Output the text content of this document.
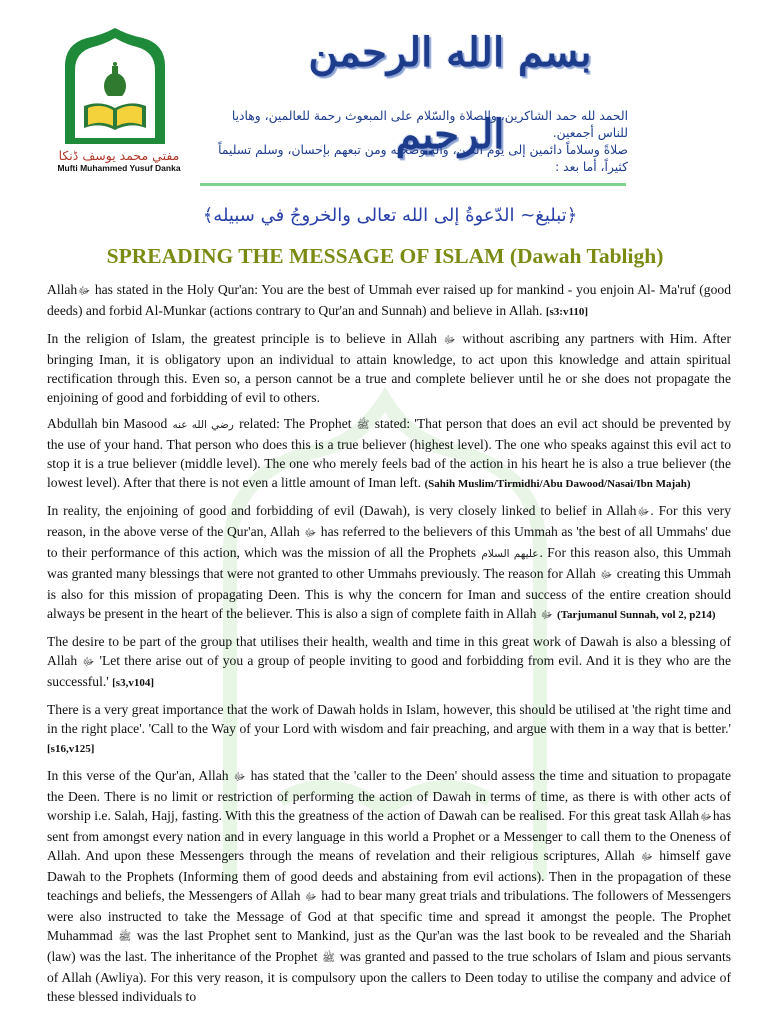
مفتي محمد يوسف ڈنکا
Mufti Muhammed Yusuf Danka
بسم الله الرحمن الرحيم
الحمد لله حمد الشاكرين، والصلاة والسّلام على المبعوث رحمة للعالمين، وهاديا للناس أجمعين.
صلاةً وسلاماً دائمين إلى يوم الدين، وآله وصحبه ومن تبعهم بإحسان، وسلم تسليماً كثيراً، أما بعد :
﴿تبليغ~ الدّعوةُ إلى الله تعالى والخروجُ في سبيله﴾
SPREADING THE MESSAGE OF ISLAM (Dawah Tabligh)

Allahﷻ has stated in the Holy Qur'an: You are the best of Ummah ever raised up for mankind - you enjoin Al- Ma'ruf (good deeds) and forbid Al-Munkar (actions contrary to Qur'an and Sunnah) and believe in Allah. [s3:v110]

In the religion of Islam, the greatest principle is to believe in Allah ﷻ without ascribing any partners with Him. After bringing Iman, it is obligatory upon an individual to attain knowledge, to act upon this knowledge and attain spiritual rectification through this. Even so, a person cannot be a true and complete believer until he or she does not propagate the enjoining of good and forbidding of evil to others.

Abdullah bin Masood رضي الله عنه related: The Prophet ﷺ stated: 'That person that does an evil act should be prevented by the use of your hand. That person who does this is a true believer (highest level). The one who speaks against this evil act to stop it is a true believer (middle level). The one who merely feels bad of the action in his heart he is also a true believer (the lowest level). After that there is not even a little amount of Iman left. (Sahih Muslim/Tirmidhi/Abu Dawood/Nasai/Ibn Majah)

In reality, the enjoining of good and forbidding of evil (Dawah), is very closely linked to belief in Allahﷻ. For this very reason, in the above verse of the Qur'an, Allah ﷻ has referred to the believers of this Ummah as 'the best of all Ummahs' due to their performance of this action, which was the mission of all the Prophets عليهم السلام. For this reason also, this Ummah was granted many blessings that were not granted to other Ummahs previously. The reason for Allah ﷻ creating this Ummah is also for this mission of propagating Deen. This is why the concern for Iman and success of the entire creation should always be present in the heart of the believer. This is also a sign of complete faith in Allah ﷻ (Tarjumanul Sunnah, vol 2, p214)

The desire to be part of the group that utilises their health, wealth and time in this great work of Dawah is also a blessing of Allah ﷻ 'Let there arise out of you a group of people inviting to good and forbidding from evil. And it is they who are the successful.' [s3,v104]

There is a very great importance that the work of Dawah holds in Islam, however, this should be utilised at 'the right time and in the right place'. 'Call to the Way of your Lord with wisdom and fair preaching, and argue with them in a way that is better.' [s16,v125]

In this verse of the Qur'an, Allah ﷻ has stated that the 'caller to the Deen' should assess the time and situation to propagate the Deen. There is no limit or restriction of performing the action of Dawah in terms of time, as there is with other acts of worship i.e. Salah, Hajj, fasting. With this the greatness of the action of Dawah can be realised. For this great task Allahﷻhas sent from amongst every nation and in every language in this world a Prophet or a Messenger to call them to the Oneness of Allah. And upon these Messengers through the means of revelation and their religious scriptures, Allah ﷻ himself gave Dawah to the Prophets (Informing them of good deeds and abstaining from evil actions). Then in the propagation of these teachings and beliefs, the Messengers of Allah ﷻ had to bear many great trials and tribulations. The followers of Messengers were also instructed to take the Message of God at that specific time and spread it amongst the people. The Prophet Muhammad ﷺ was the last Prophet sent to Mankind, just as the Qur'an was the last book to be revealed and the Shariah (law) was the last. The inheritance of the Prophet ﷺ was granted and passed to the true scholars of Islam and pious servants of Allah (Awliya). For this very reason, it is compulsory upon the callers to Deen today to utilise the company and advice of these blessed individuals to
